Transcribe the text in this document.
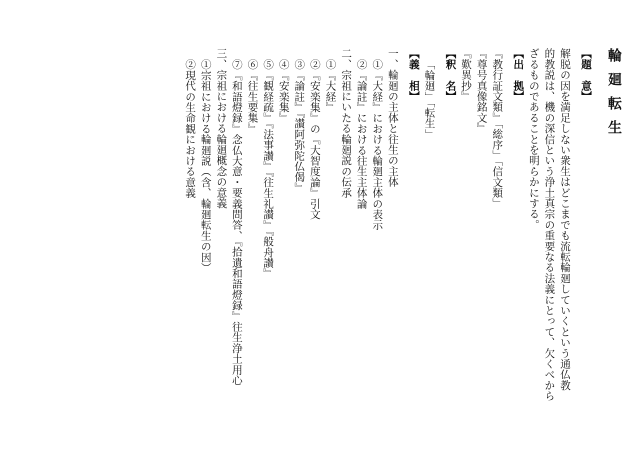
輪廻転生
【題　意】
解脱の因を満足しない衆生はどこまでも流転輪廻していくという通仏教
的教説は、機の深信という浄土真宗の重要なる法義にとって、欠くべから
ざるものであることを明らかにする。
【出　拠】
『教行証文類』「総序」「信文類」
『尊号真像銘文』
『歎異抄』
【釈　名】
「輪廻」「転生」
【義　相】
一、輪廻の主体と往生の主体
①『大経』における輪廻主体の表示
②『論註』における往生主体論
二、宗祖にいたる輪廻説の伝承
①『大経』
②『安楽集』の『大智度論』引文
③『論註』『讃阿弥陀仏偈』
④『安楽集』
⑤『観経疏』『法事讃』『往生礼讃』『般舟讃』
⑥『往生要集』
⑦『和語燈録』念仏大意・要義問答、『拾遺和語燈録』往生浄土用心
三、宗祖における輪廻概念の意義
①宗祖における輪廻説（含、輪廻転生の因）
②現代の生命観における意義
